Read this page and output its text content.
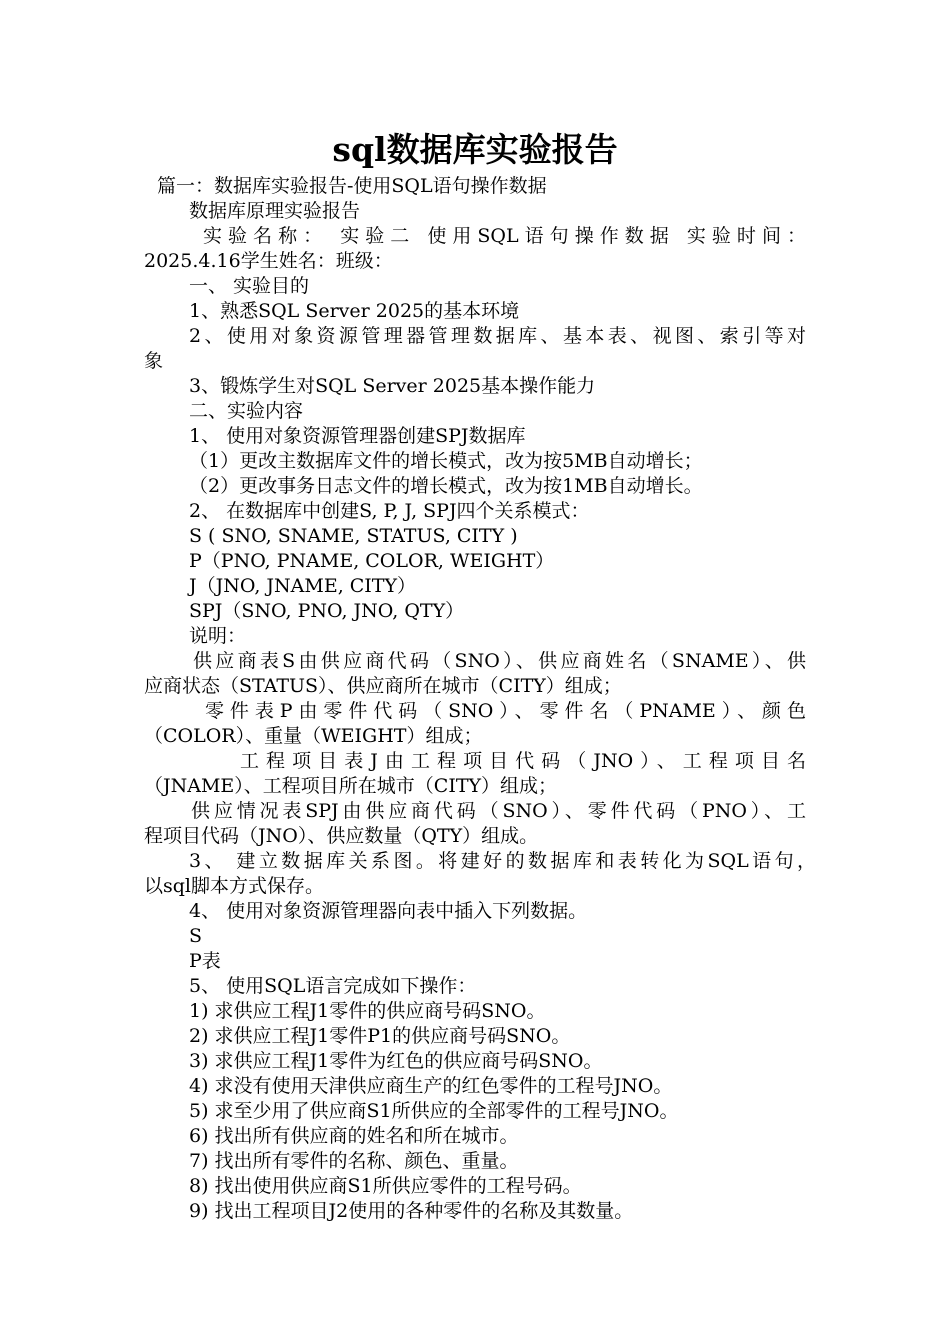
sql数据库实验报告
篇一：数据库实验报告-使用SQL语句操作数据
数据库原理实验报告
实验名称： 实验二 使用SQL语句操作数据 实验时间：
2025.4.16学生姓名：班级：
一、 实验目的
1、熟悉SQL Server 2025的基本环境
2、使用对象资源管理器管理数据库、基本表、视图、索引等对
象
3、锻炼学生对SQL Server 2025基本操作能力
二、实验内容
1、 使用对象资源管理器创建SPJ数据库
（1）更改主数据库文件的增长模式，改为按5MB自动增长；
（2）更改事务日志文件的增长模式，改为按1MB自动增长。
2、 在数据库中创建S, P, J, SPJ四个关系模式：
S ( SNO, SNAME, STATUS, CITY )
P（PNO, PNAME, COLOR, WEIGHT）
J（JNO, JNAME, CITY）
SPJ（SNO, PNO, JNO, QTY）
说明：
供应商表S由供应商代码（SNO）、供应商姓名（SNAME）、供
应商状态（STATUS）、供应商所在城市（CITY）组成；
零件表P由零件代码（SNO）、零件名（PNAME）、颜色
（COLOR）、重量（WEIGHT）组成；
工程项目表J由工程项目代码（JNO）、工程项目名
（JNAME）、工程项目所在城市（CITY）组成；
供应情况表SPJ由供应商代码（SNO）、零件代码（PNO）、工
程项目代码（JNO）、供应数量（QTY）组成。
3、 建立数据库关系图。将建好的数据库和表转化为SQL语句，
以sql脚本方式保存。
4、 使用对象资源管理器向表中插入下列数据。
S
P表
5、 使用SQL语言完成如下操作：
1) 求供应工程J1零件的供应商号码SNO。
2) 求供应工程J1零件P1的供应商号码SNO。
3) 求供应工程J1零件为红色的供应商号码SNO。
4) 求没有使用天津供应商生产的红色零件的工程号JNO。
5) 求至少用了供应商S1所供应的全部零件的工程号JNO。
6) 找出所有供应商的姓名和所在城市。
7) 找出所有零件的名称、颜色、重量。
8) 找出使用供应商S1所供应零件的工程号码。
9) 找出工程项目J2使用的各种零件的名称及其数量。
